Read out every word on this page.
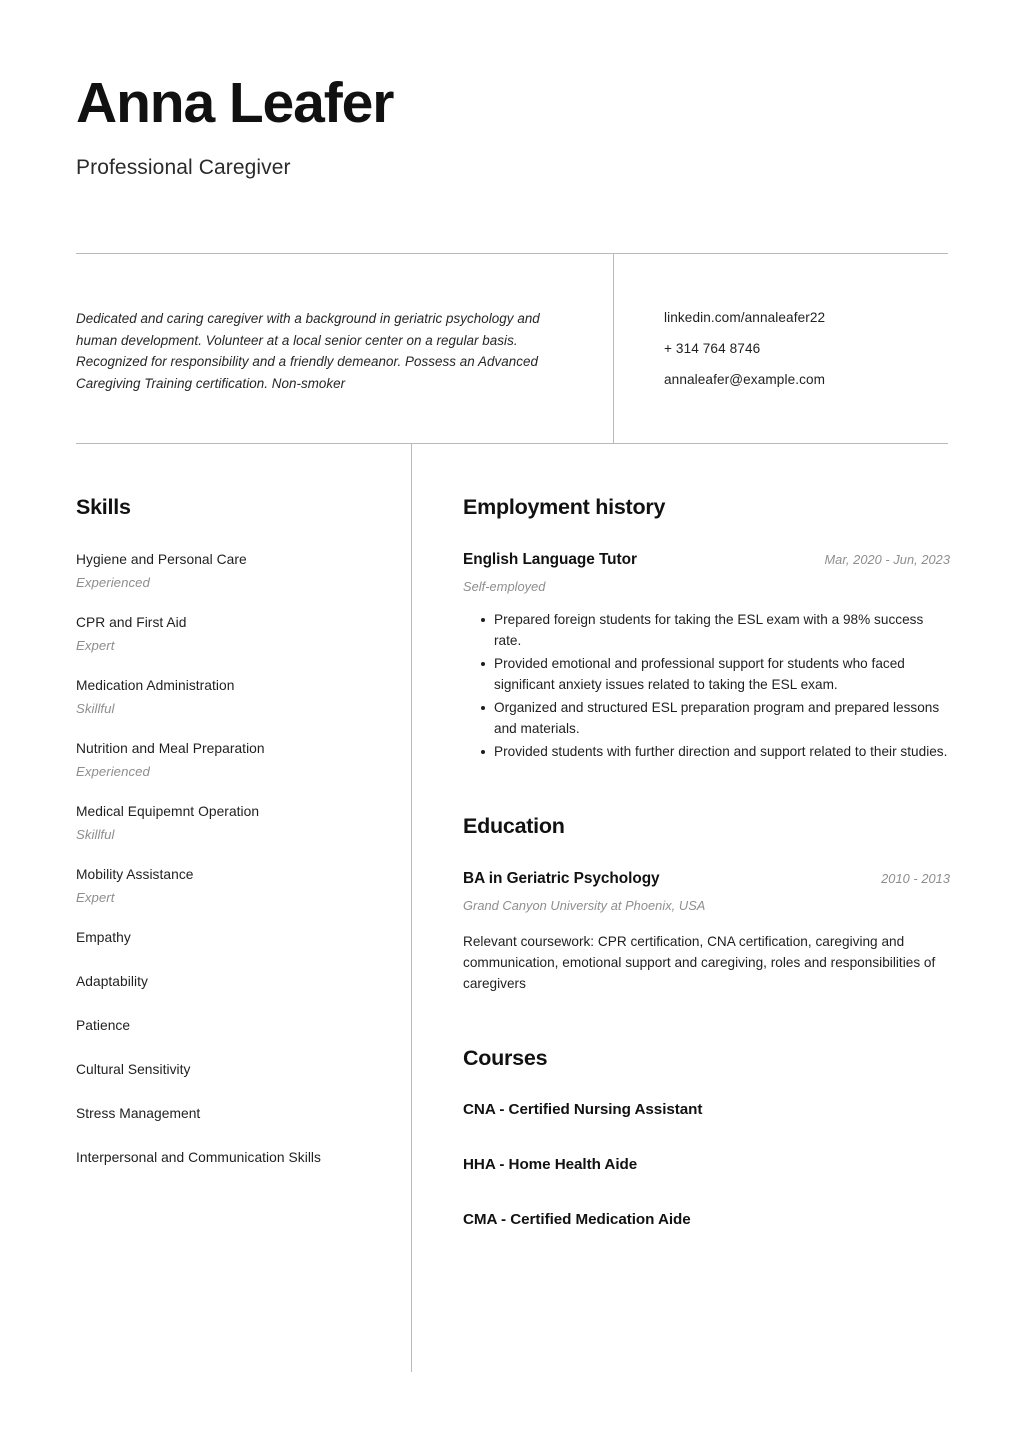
Anna Leafer
Professional Caregiver
Dedicated and caring caregiver with a background in geriatric psychology and human development. Volunteer at a local senior center on a regular basis. Recognized for responsibility and a friendly demeanor. Possess an Advanced Caregiving Training certification. Non-smoker
linkedin.com/annaleafer22
+ 314 764 8746
annaleafer@example.com
Skills
Hygiene and Personal Care
Experienced
CPR and First Aid
Expert
Medication Administration
Skillful
Nutrition and Meal Preparation
Experienced
Medical Equipemnt Operation
Skillful
Mobility Assistance
Expert
Empathy
Adaptability
Patience
Cultural Sensitivity
Stress Management
Interpersonal and Communication Skills
Employment history
English Language Tutor	Mar, 2020 - Jun, 2023
Self-employed
Prepared foreign students for taking the ESL exam with a 98% success rate.
Provided emotional and professional support for students who faced significant anxiety issues related to taking the ESL exam.
Organized and structured ESL preparation program and prepared lessons and materials.
Provided students with further direction and support related to their studies.
Education
BA in Geriatric Psychology	2010 - 2013
Grand Canyon University at Phoenix, USA
Relevant coursework: CPR certification, CNA certification, caregiving and communication, emotional support and caregiving, roles and responsibilities of caregivers
Courses
CNA - Certified Nursing Assistant
HHA - Home Health Aide
CMA - Certified Medication Aide
